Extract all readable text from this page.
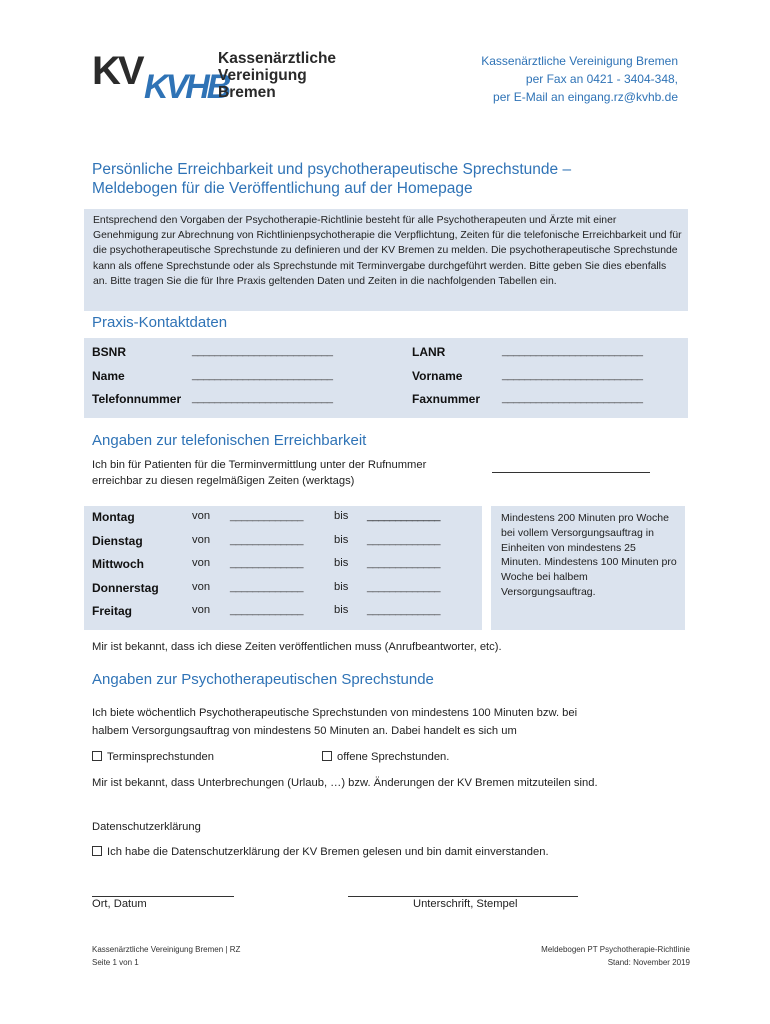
KV KVHB
Kassenärztliche
Vereinigung
Bremen
Kassenärztliche Vereinigung Bremen
per Fax an 0421 - 3404-348,
per E-Mail an eingang.rz@kvhb.de
Persönliche Erreichbarkeit und psychotherapeutische Sprechstunde –
Meldebogen für die Veröffentlichung auf der Homepage
Entsprechend den Vorgaben der Psychotherapie-Richtlinie besteht für alle Psychotherapeuten und Ärzte mit einer Genehmigung zur Abrechnung von Richtlinienpsychotherapie die Verpflichtung, Zeiten für die telefonische Erreichbarkeit und für die psychotherapeutische Sprechstunde zu definieren und der KV Bremen zu melden. Die psychotherapeutische Sprechstunde kann als offene Sprechstunde oder als Sprechstunde mit Terminvergabe durchgeführt werden. Bitte geben Sie dies ebenfalls an. Bitte tragen Sie die für Ihre Praxis geltenden Daten und Zeiten in die nachfolgenden Tabellen ein.
Praxis-Kontaktdaten
BSNR
Name
Telefonnummer
_________________________
_________________________
_________________________
LANR
Vorname
Faxnummer
_________________________
_________________________
_________________________
Angaben zur telefonischen Erreichbarkeit
Ich bin für Patienten für die Terminvermittlung unter der Rufnummer
erreichbar zu diesen regelmäßigen Zeiten (werktags)
Mindestens 200 Minuten pro Woche bei vollem Versorgungsauftrag in Einheiten von mindestens 25 Minuten. Mindestens 100 Minuten pro Woche bei halbem Versorgungsauftrag.
Montag
Dienstag
Mittwoch
Donnerstag
Freitag
von
von
von
von
von
_____________
_____________
_____________
_____________
_____________
bis
bis
bis
bis
bis
_____________
_____________
_____________
_____________
_____________
Mir ist bekannt, dass ich diese Zeiten veröffentlichen muss (Anrufbeantworter, etc).
Angaben zur Psychotherapeutischen Sprechstunde
Ich biete wöchentlich Psychotherapeutische Sprechstunden von mindestens 100 Minuten bzw. bei
halbem Versorgungsauftrag von mindestens 50 Minuten an. Dabei handelt es sich um
Terminsprechstunden	offene Sprechstunden.
Mir ist bekannt, dass Unterbrechungen (Urlaub, …) bzw. Änderungen der KV Bremen mitzuteilen sind.
Datenschutzerklärung
Ich habe die Datenschutzerklärung der KV Bremen gelesen und bin damit einverstanden.
Ort, Datum	Unterschrift, Stempel
Kassenärztliche Vereinigung Bremen | RZ
Seite 1 von 1
Meldebogen PT Psychotherapie-Richtlinie
Stand: November 2019
